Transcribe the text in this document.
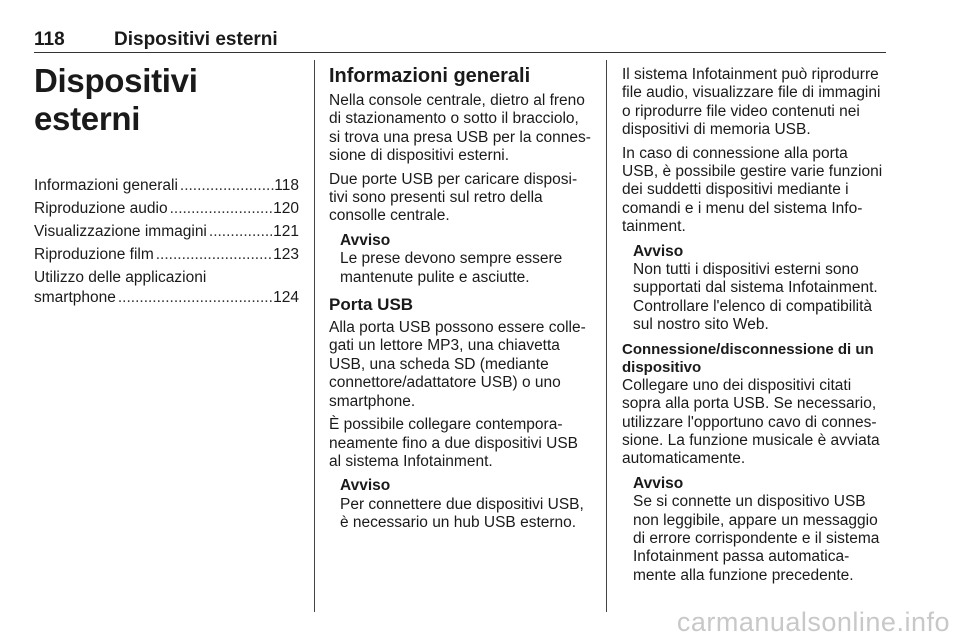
118	Dispositivi esterni
Dispositivi esterni
Informazioni generali .....	118
Riproduzione audio .....	120
Visualizzazione immagini .....	121
Riproduzione film .....	123
Utilizzo delle applicazioni
smartphone .....	124
Informazioni generali

Nella console centrale, dietro al freno di stazionamento o sotto il bracciolo, si trova una presa USB per la connes-sione di dispositivi esterni.

Due porte USB per caricare disposi-tivi sono presenti sul retro della consolle centrale.

Avviso
Le prese devono sempre essere mantenute pulite e asciutte.
Porta USB

Alla porta USB possono essere colle-gati un lettore MP3, una chiavetta USB, una scheda SD (mediante connettore/adattatore USB) o uno smartphone.

È possibile collegare contempora-neamente fino a due dispositivi USB al sistema Infotainment.

Avviso
Per connettere due dispositivi USB, è necessario un hub USB esterno.

Il sistema Infotainment può riprodurre file audio, visualizzare file di immagini o riprodurre file video contenuti nei dispositivi di memoria USB.

In caso di connessione alla porta USB, è possibile gestire varie funzioni dei suddetti dispositivi mediante i comandi e i menu del sistema Info-tainment.

Avviso
Non tutti i dispositivi esterni sono supportati dal sistema Infotainment. Controllare l'elenco di compatibilità sul nostro sito Web.
Connessione/disconnessione di un dispositivo

Collegare uno dei dispositivi citati sopra alla porta USB. Se necessario, utilizzare l'opportuno cavo di connes-sione. La funzione musicale è avviata automaticamente.

Avviso
Se si connette un dispositivo USB non leggibile, appare un messaggio di errore corrispondente e il sistema Infotainment passa automatica-mente alla funzione precedente.
carmanualsonline.info
